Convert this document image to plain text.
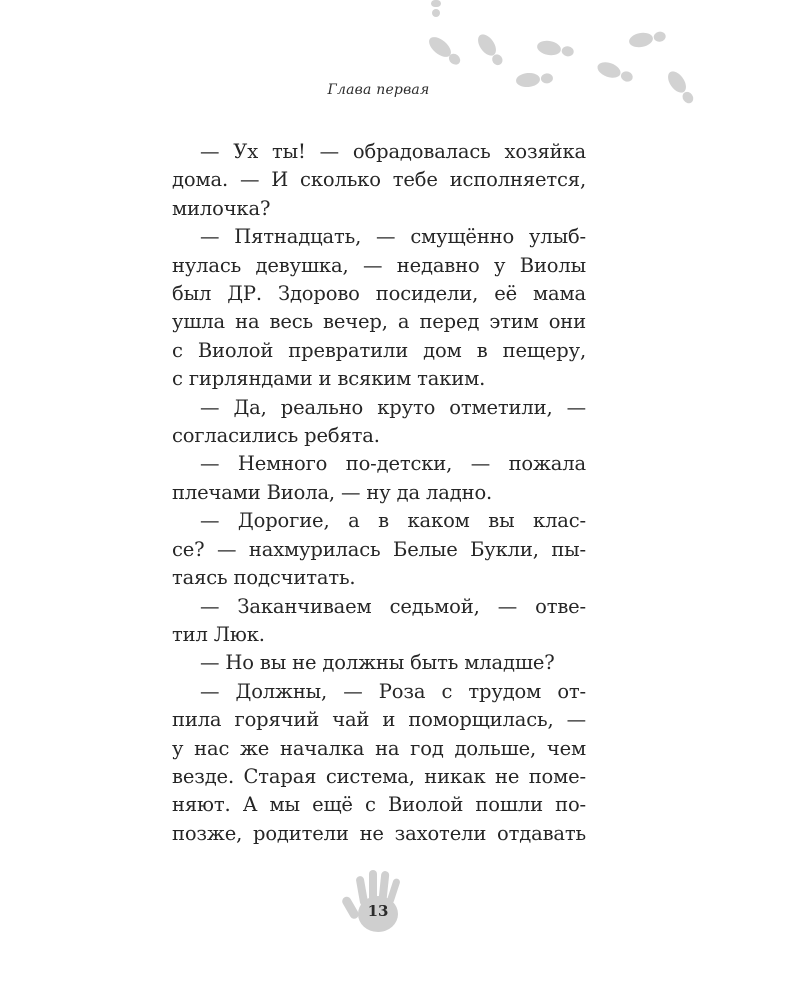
Глава первая

— Ух ты! — обрадовалась хозяйка
дома. — И сколько тебе исполняется,
милочка?

— Пятнадцать, — смущённо улыб-
нулась девушка, — недавно у Виолы
был ДР. Здорово посидели, её мама
ушла на весь вечер, а перед этим они
с Виолой превратили дом в пещеру,
с гирляндами и всяким таким.

— Да, реально круто отметили, —
согласились ребята.

— Немного по-детски, — пожала
плечами Виола, — ну да ладно.

— Дорогие, а в каком вы клас-
се? — нахмурилась Белые Букли, пы-
таясь подсчитать.

— Заканчиваем седьмой, — отве-
тил Люк.

— Но вы не должны быть младше?

— Должны, — Роза с трудом от-
пила горячий чай и поморщилась, —
у нас же началка на год дольше, чем
везде. Старая система, никак не поме-
няют. А мы ещё с Виолой пошли по-
позже, родители не захотели отдавать

13
